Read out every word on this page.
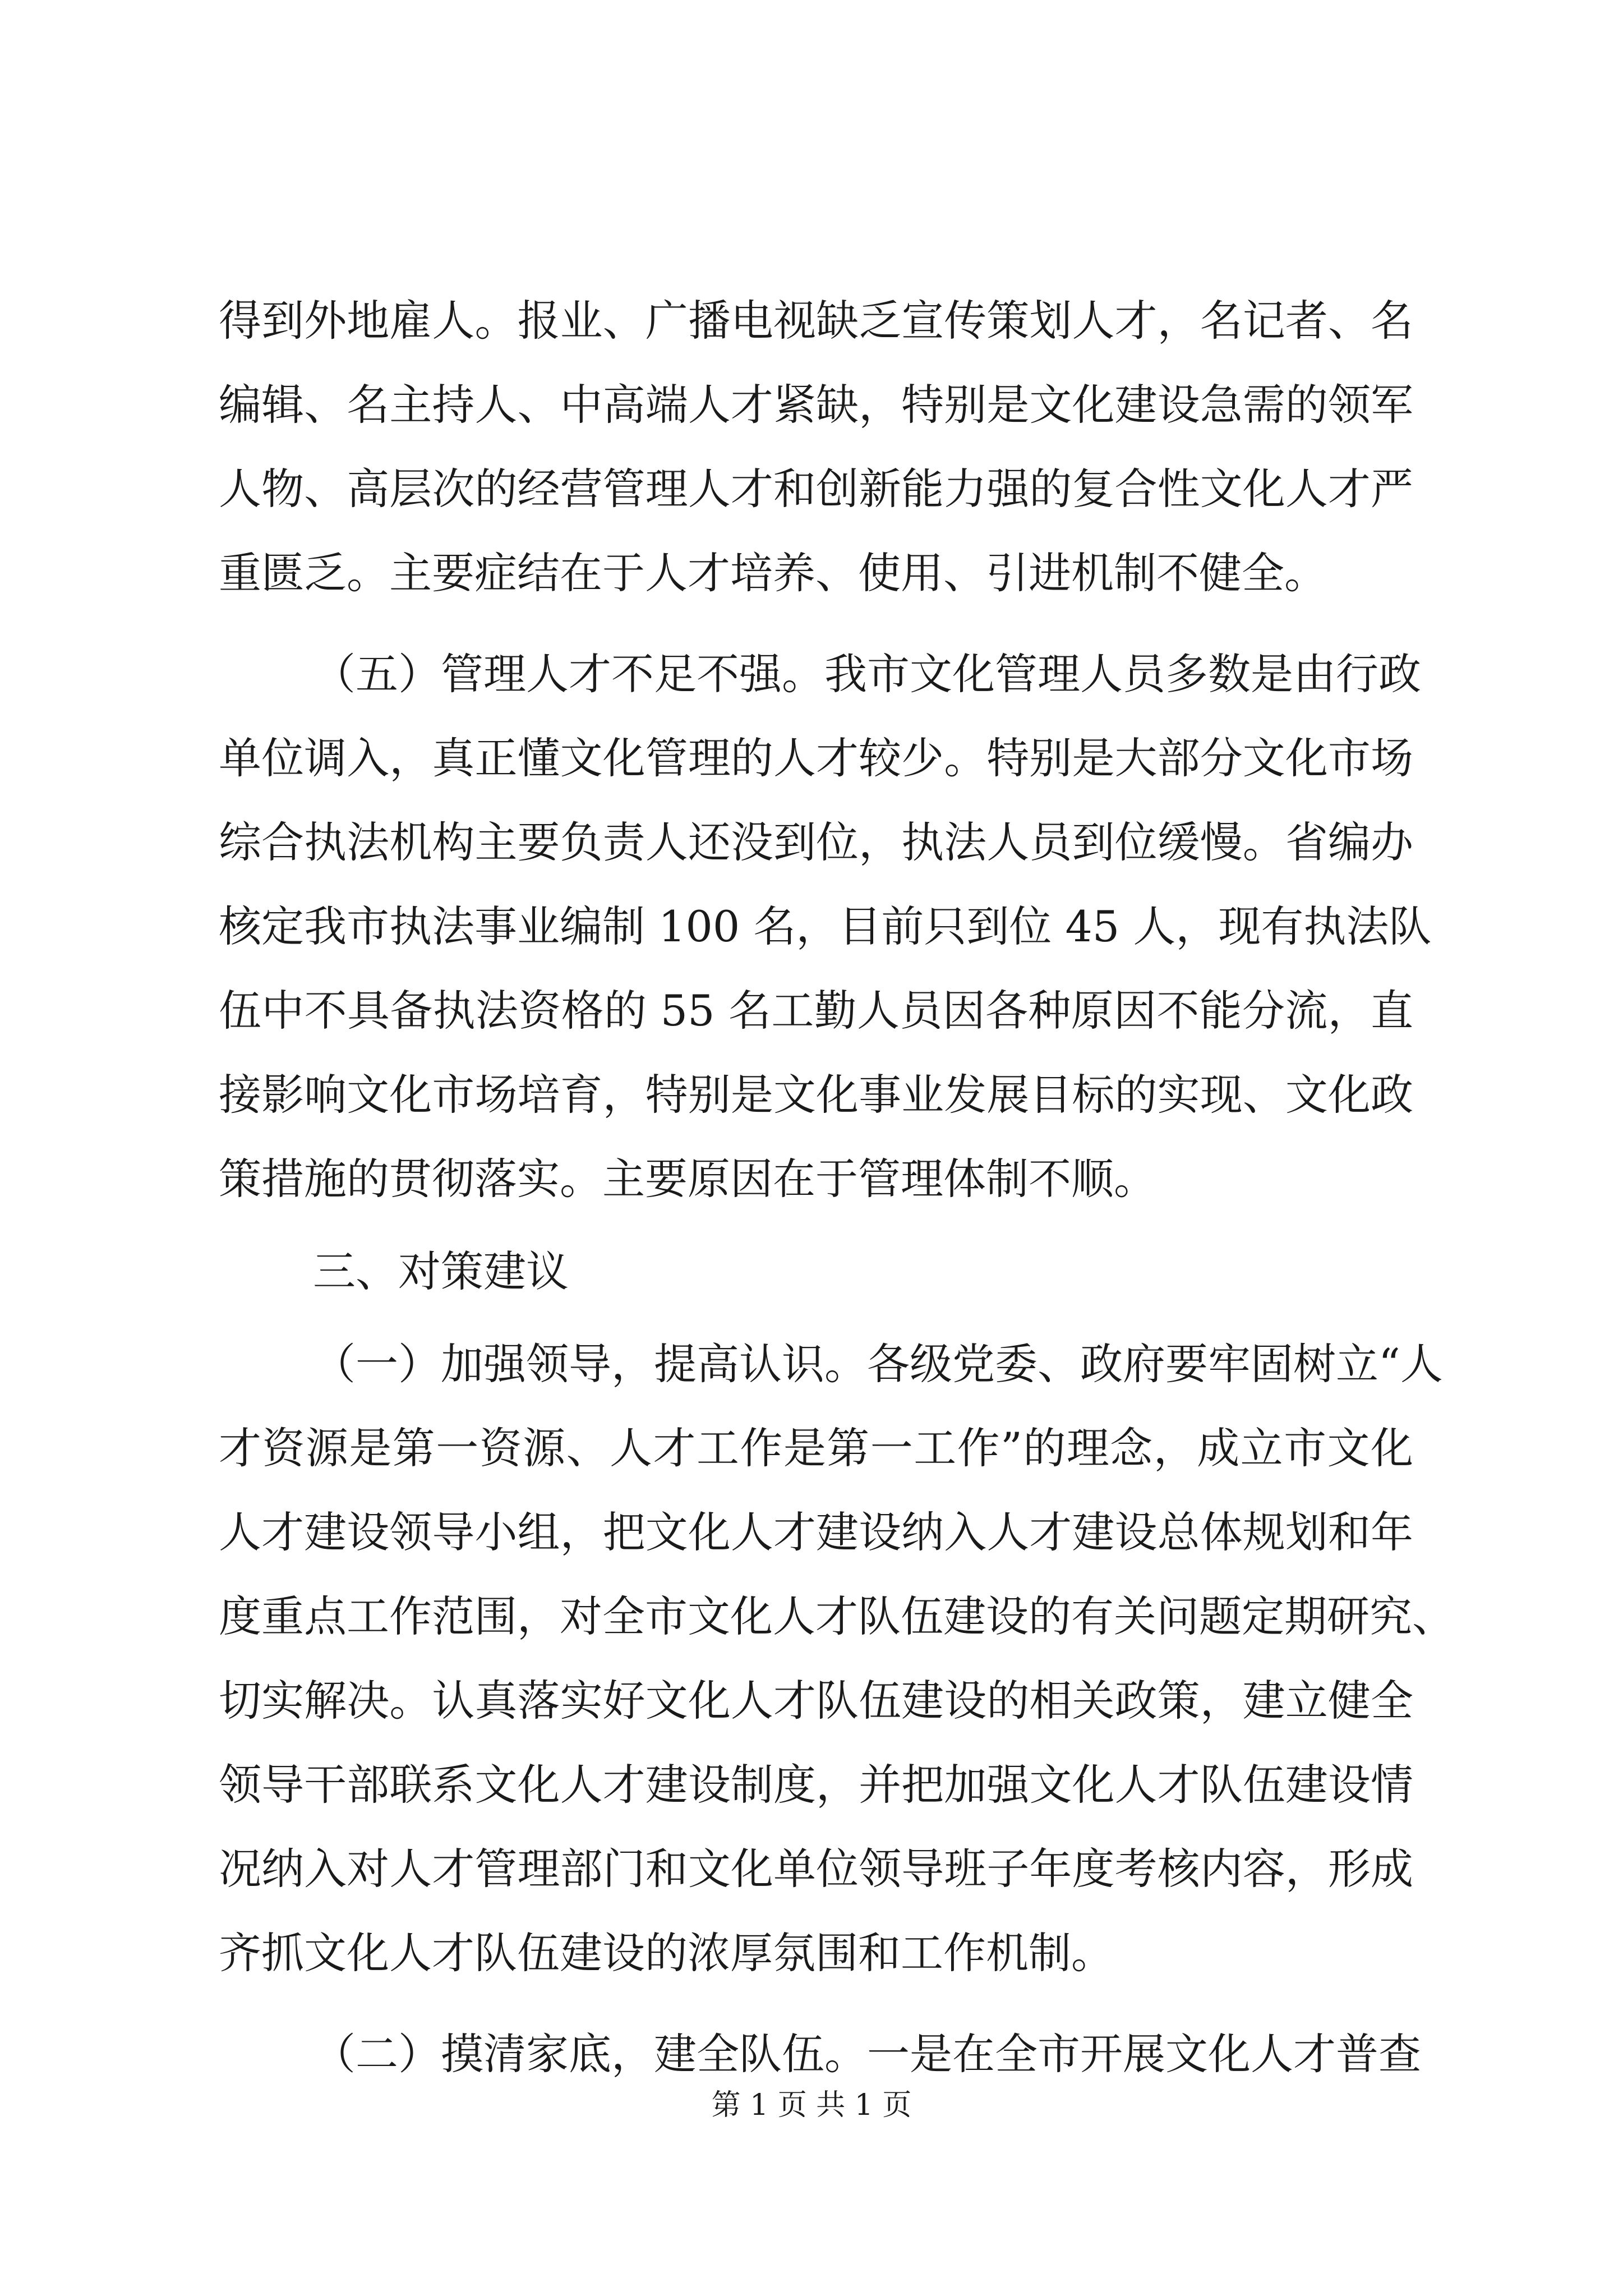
得到外地雇人。报业、广播电视缺乏宣传策划人才，名记者、名
编辑、名主持人、中高端人才紧缺，特别是文化建设急需的领军
人物、高层次的经营管理人才和创新能力强的复合性文化人才严
重匮乏。主要症结在于人才培养、使用、引进机制不健全。
（五）管理人才不足不强。我市文化管理人员多数是由行政
单位调入，真正懂文化管理的人才较少。特别是大部分文化市场
综合执法机构主要负责人还没到位，执法人员到位缓慢。省编办
核定我市执法事业编制 100 名，目前只到位 45 人，现有执法队
伍中不具备执法资格的 55 名工勤人员因各种原因不能分流，直
接影响文化市场培育，特别是文化事业发展目标的实现、文化政
策措施的贯彻落实。主要原因在于管理体制不顺。
三、对策建议
（一）加强领导，提高认识。各级党委、政府要牢固树立“人
才资源是第一资源、人才工作是第一工作”的理念，成立市文化
人才建设领导小组，把文化人才建设纳入人才建设总体规划和年
度重点工作范围，对全市文化人才队伍建设的有关问题定期研究、
切实解决。认真落实好文化人才队伍建设的相关政策，建立健全
领导干部联系文化人才建设制度，并把加强文化人才队伍建设情
况纳入对人才管理部门和文化单位领导班子年度考核内容，形成
齐抓文化人才队伍建设的浓厚氛围和工作机制。
（二）摸清家底，建全队伍。一是在全市开展文化人才普查
第 1 页 共 1 页
